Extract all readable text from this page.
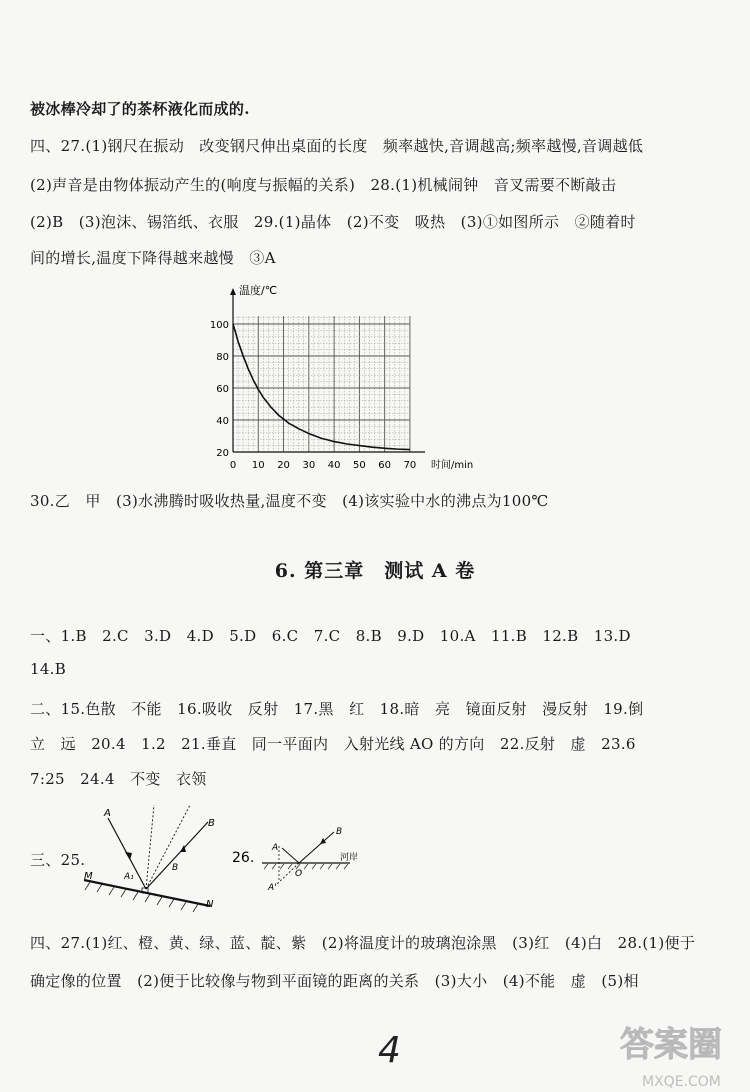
被冰棒冷却了的茶杯液化而成的.
四、27.(1)钢尺在振动　改变钢尺伸出桌面的长度　频率越快,音调越高;频率越慢,音调越低
(2)声音是由物体振动产生的(响度与振幅的关系)　28.(1)机械闹钟　音叉需要不断敲击
(2)B　(3)泡沫、锡箔纸、衣服　29.(1)晶体　(2)不变　吸热　(3)①如图所示　②随着时
间的增长,温度下降得越来越慢　③A
0 10 20 30 40 50 60 70
20
40
60
80
100
温度/℃
时间/min
30.乙　甲　(3)水沸腾时吸收热量,温度不变　(4)该实验中水的沸点为100℃
6. 第三章　测试 A 卷
一、1.B　2.C　3.D　4.D　5.D　6.C　7.C　8.B　9.D　10.A　11.B　12.B　13.D
14.B
二、15.色散　不能　16.吸收　反射　17.黑　红　18.暗　亮　镜面反射　漫反射　19.倒
立　远　20.4　1.2　21.垂直　同一平面内　入射光线 AO 的方向　22.反射　虚　23.6
7:25　24.4　不变　衣领
三、25.
A
B
A₁
B
M
N
26.
A
B
O
A'
河岸
四、27.(1)红、橙、黄、绿、蓝、靛、紫　(2)将温度计的玻璃泡涂黑　(3)红　(4)白　28.(1)便于
确定像的位置　(2)便于比较像与物到平面镜的距离的关系　(3)大小　(4)不能　虚　(5)相
4	答案圈
MXQE.COM
